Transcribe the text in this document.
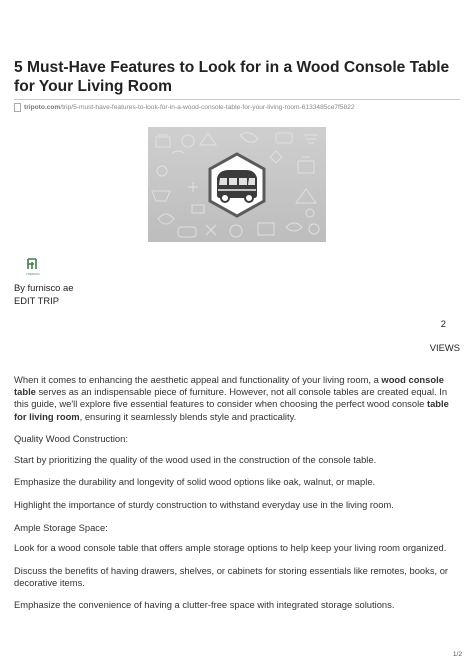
5 Must-Have Features to Look for in a Wood Console Table for Your Living Room
tripoto.com/trip/5-must-have-features-to-look-for-in-a-wood-console-table-for-your-living-room-6133485ce7f5822
FURNISCO
By furnisco ae
EDIT TRIP
2
VIEWS

When it comes to enhancing the aesthetic appeal and functionality of your living room, a wood console table serves as an indispensable piece of furniture. However, not all console tables are created equal. In this guide, we'll explore five essential features to consider when choosing the perfect wood console table for living room, ensuring it seamlessly blends style and practicality.

Quality Wood Construction:

Start by prioritizing the quality of the wood used in the construction of the console table.

Emphasize the durability and longevity of solid wood options like oak, walnut, or maple.

Highlight the importance of sturdy construction to withstand everyday use in the living room.

Ample Storage Space:

Look for a wood console table that offers ample storage options to help keep your living room organized.

Discuss the benefits of having drawers, shelves, or cabinets for storing essentials like remotes, books, or decorative items.

Emphasize the convenience of having a clutter-free space with integrated storage solutions.

1/2
